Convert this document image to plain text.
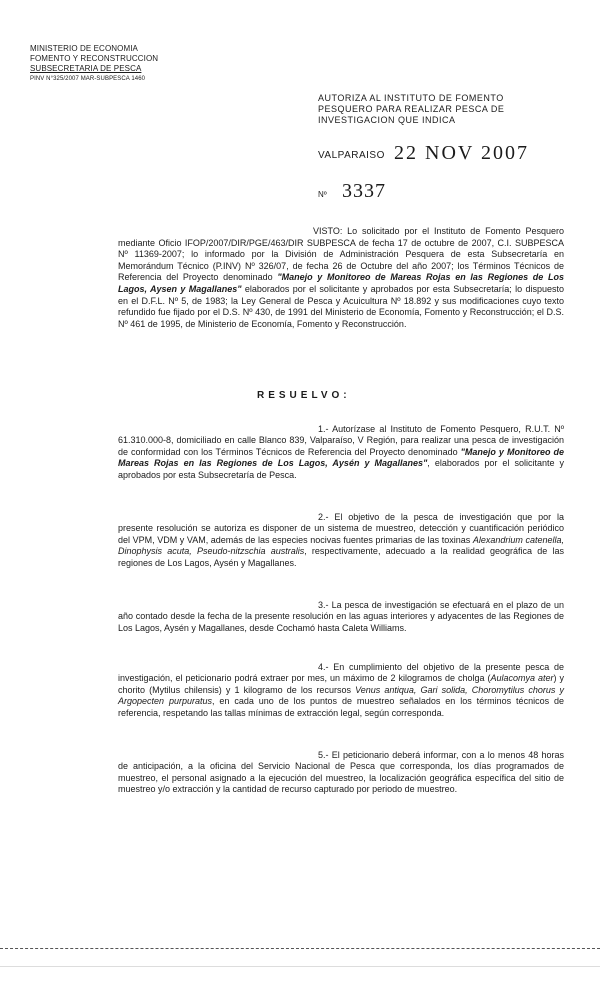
MINISTERIO DE ECONOMIA
FOMENTO Y RECONSTRUCCION
SUBSECRETARIA DE PESCA
PINV N°325/2007 MAR-SUBPESCA 1460
AUTORIZA AL INSTITUTO DE FOMENTO
PESQUERO PARA REALIZAR PESCA DE
INVESTIGACION QUE INDICA
VALPARAISO 22 NOV 2007
Nº 3337
VISTO: Lo solicitado por el Instituto de Fomento Pesquero mediante Oficio IFOP/2007/DIR/PGE/463/DIR SUBPESCA de fecha 17 de octubre de 2007, C.I. SUBPESCA Nº 11369-2007; lo informado por la División de Administración Pesquera de esta Subsecretaría en Memorándum Técnico (P.INV) Nº 326/07, de fecha 26 de Octubre del año 2007; los Términos Técnicos de Referencia del Proyecto denominado "Manejo y Monitoreo de Mareas Rojas en las Regiones de Los Lagos, Aysen y Magallanes" elaborados por el solicitante y aprobados por esta Subsecretaría; lo dispuesto en el D.F.L. Nº 5, de 1983; la Ley General de Pesca y Acuicultura Nº 18.892 y sus modificaciones cuyo texto refundido fue fijado por el D.S. Nº 430, de 1991 del Ministerio de Economía, Fomento y Reconstrucción; el D.S. Nº 461 de 1995, de Ministerio de Economía, Fomento y Reconstrucción.
RESUELVO:
1.- Autorízase al Instituto de Fomento Pesquero, R.U.T. Nº 61.310.000-8, domiciliado en calle Blanco 839, Valparaíso, V Región, para realizar una pesca de investigación de conformidad con los Términos Técnicos de Referencia del Proyecto denominado "Manejo y Monitoreo de Mareas Rojas en las Regiones de Los Lagos, Aysén y Magallanes", elaborados por el solicitante y aprobados por esta Subsecretaría de Pesca.
2.- El objetivo de la pesca de investigación que por la presente resolución se autoriza es disponer de un sistema de muestreo, detección y cuantificación periódico del VPM, VDM y VAM, además de las especies nocivas fuentes primarias de las toxinas Alexandrium catenella, Dinophysis acuta, Pseudo-nitzschia australis, respectivamente, adecuado a la realidad geográfica de las regiones de Los Lagos, Aysén y Magallanes.
3.- La pesca de investigación se efectuará en el plazo de un año contado desde la fecha de la presente resolución en las aguas interiores y adyacentes de las Regiones de Los Lagos, Aysén y Magallanes, desde Cochamó hasta Caleta Williams.
4.- En cumplimiento del objetivo de la presente pesca de investigación, el peticionario podrá extraer por mes, un máximo de 2 kilogramos de cholga (Aulacomya ater) y chorito (Mytilus chilensis) y 1 kilogramo de los recursos Venus antiqua, Gari solida, Choromytilus chorus y Argopecten purpuratus, en cada uno de los puntos de muestreo señalados en los términos técnicos de referencia, respetando las tallas mínimas de extracción legal, según corresponda.
5.- El peticionario deberá informar, con a lo menos 48 horas de anticipación, a la oficina del Servicio Nacional de Pesca que corresponda, los días programados de muestreo, el personal asignado a la ejecución del muestreo, la localización geográfica específica del sitio de muestreo y/o extracción y la cantidad de recurso capturado por periodo de muestreo.
